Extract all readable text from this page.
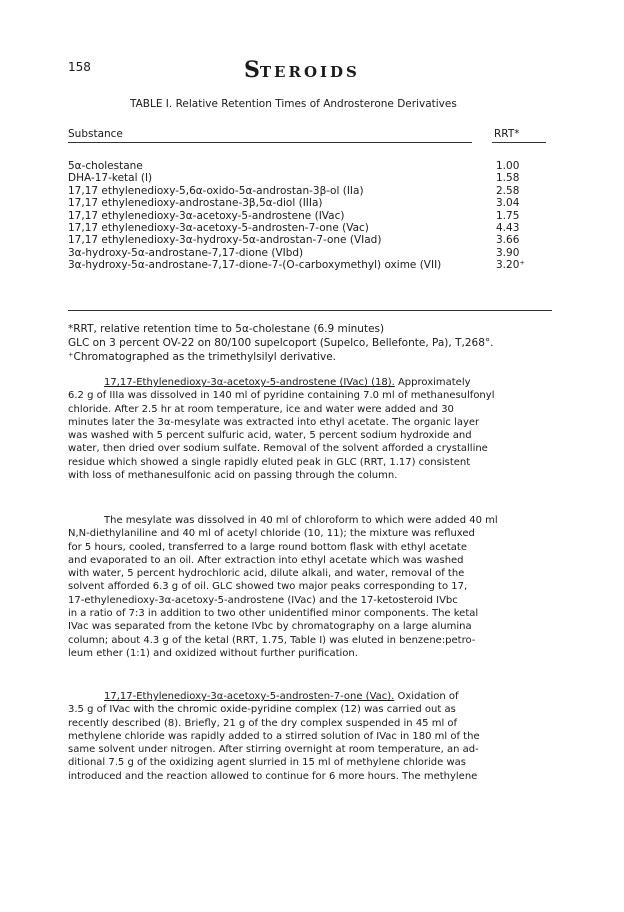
158	STEROIDS
TABLE I. Relative Retention Times of Androsterone Derivatives
Substance	RRT*
5α-cholestane	1.00
DHA-17-ketal (I)	1.58
17,17 ethylenedioxy-5,6α-oxido-5α-androstan-3β-ol (IIa)	2.58
17,17 ethylenedioxy-androstane-3β,5α-diol (IIIa)	3.04
17,17 ethylenedioxy-3α-acetoxy-5-androstene (IVac)	1.75
17,17 ethylenedioxy-3α-acetoxy-5-androsten-7-one (Vac)	4.43
17,17 ethylenedioxy-3α-hydroxy-5α-androstan-7-one (VIad)	3.66
3α-hydroxy-5α-androstane-7,17-dione (VIbd)	3.90
3α-hydroxy-5α-androstane-7,17-dione-7-(O-carboxymethyl) oxime (VII)	3.20⁺
*RRT, relative retention time to 5α-cholestane (6.9 minutes)
GLC on 3 percent OV-22 on 80/100 supelcoport (Supelco, Bellefonte, Pa), T,268°.
⁺Chromatographed as the trimethylsilyl derivative.

17,17-Ethylenedioxy-3α-acetoxy-5-androstene (IVac) (18). Approximately

6.2 g of IIIa was dissolved in 140 ml of pyridine containing 7.0 ml of methanesulfonyl

chloride. After 2.5 hr at room temperature, ice and water were added and 30

minutes later the 3α-mesylate was extracted into ethyl acetate. The organic layer

was washed with 5 percent sulfuric acid, water, 5 percent sodium hydroxide and

water, then dried over sodium sulfate. Removal of the solvent afforded a crystalline

residue which showed a single rapidly eluted peak in GLC (RRT, 1.17) consistent

with loss of methanesulfonic acid on passing through the column.

The mesylate was dissolved in 40 ml of chloroform to which were added 40 ml

N,N-diethylaniline and 40 ml of acetyl chloride (10, 11); the mixture was refluxed

for 5 hours, cooled, transferred to a large round bottom flask with ethyl acetate

and evaporated to an oil. After extraction into ethyl acetate which was washed

with water, 5 percent hydrochloric acid, dilute alkali, and water, removal of the

solvent afforded 6.3 g of oil. GLC showed two major peaks corresponding to 17,

17-ethylenedioxy-3α-acetoxy-5-androstene (IVac) and the 17-ketosteroid IVbc

in a ratio of 7:3 in addition to two other unidentified minor components. The ketal

IVac was separated from the ketone IVbc by chromatography on a large alumina

column; about 4.3 g of the ketal (RRT, 1.75, Table I) was eluted in benzene:petro-

leum ether (1:1) and oxidized without further purification.

17,17-Ethylenedioxy-3α-acetoxy-5-androsten-7-one (Vac). Oxidation of

3.5 g of IVac with the chromic oxide-pyridine complex (12) was carried out as

recently described (8). Briefly, 21 g of the dry complex suspended in 45 ml of

methylene chloride was rapidly added to a stirred solution of IVac in 180 ml of the

same solvent under nitrogen. After stirring overnight at room temperature, an ad-

ditional 7.5 g of the oxidizing agent slurried in 15 ml of methylene chloride was

introduced and the reaction allowed to continue for 6 more hours. The methylene
